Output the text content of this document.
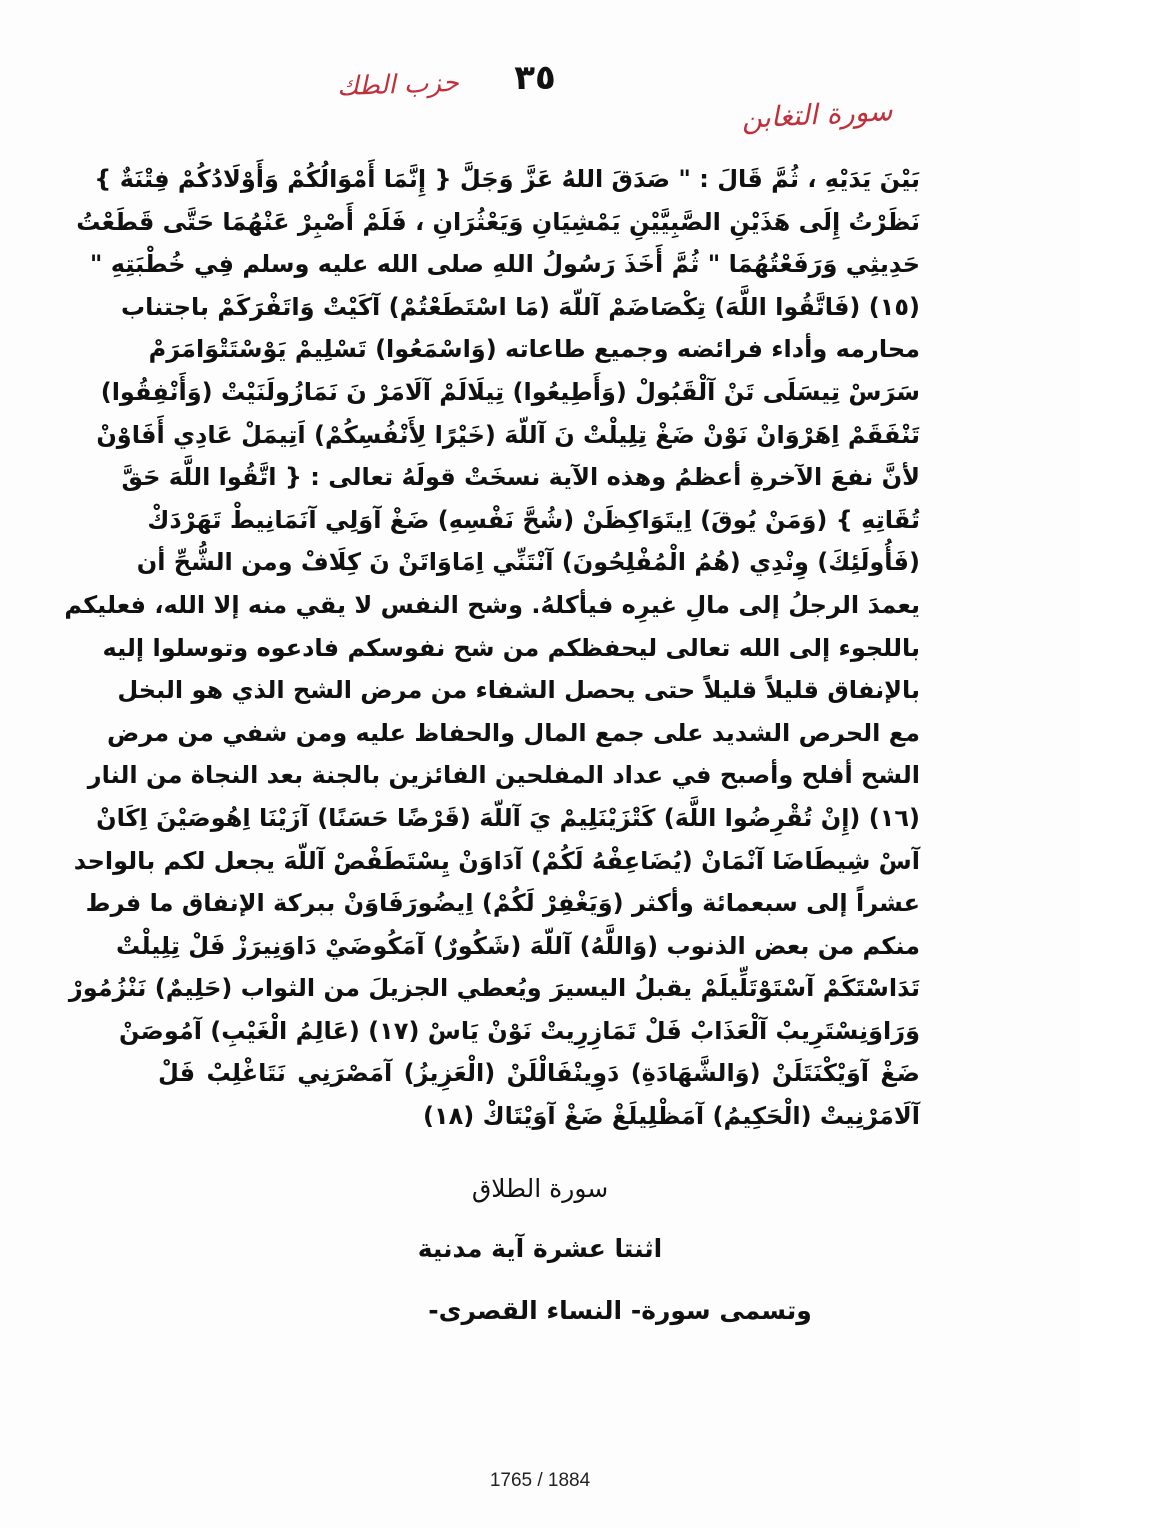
٣٥
حزب الطك
سورة التغابن
بَيْنَ يَدَيْهِ ، ثُمَّ قَالَ : " صَدَقَ اللهُ عَزَّ وَجَلَّ { إِنَّمَا أَمْوَالُكُمْ وَأَوْلَادُكُمْ فِتْنَةٌ }
نَظَرْتُ إِلَى هَذَيْنِ الصَّبِيَّيْنِ يَمْشِيَانِ وَيَعْثُرَانِ ، فَلَمْ أَصْبِرْ عَنْهُمَا حَتَّى قَطَعْتُ
حَدِيثِي وَرَفَعْتُهُمَا " ثُمَّ أَخَذَ رَسُولُ اللهِ صلى الله عليه وسلم فِي خُطْبَتِهِ "
(١٥) (فَاتَّقُوا اللَّهَ) تِكْصَاضَمْ آللّهَ (مَا اسْتَطَعْتُمْ) آكَيْتْ وَاتَفْرَكَمْ باجتناب
محارمه وأداء فرائضه وجميع طاعاته (وَاسْمَعُوا) تَسْلِيمْ يَوْسْتَتْوَامَرَمْ
سَرَسْ تِيسَلَى تَنْ آلْقَبُولْ (وَأَطِيعُوا) تِيلَالَمْ آلَامَرْ نَ نَمَازُولَنَيْتْ (وَأَنْفِقُوا)
تَنْفَقَمْ اِهَرْوَانْ نَوْنْ ضَغْ تِلِيلْتْ نَ آللّهَ (خَيْرًا لِأَنْفُسِكُمْ) اَتِيمَلْ عَادِي أَفَاوْنْ
لأنَّ نفعَ الآخرةِ أعظمُ وهذه الآية نسخَتْ قولَهُ تعالى : { اتَّقُوا اللَّهَ حَقَّ
تُقَاتِهِ } (وَمَنْ يُوقَ) اِيتَوَاكِظَنْ (شُحَّ نَفْسِهِ) ضَغْ آوَلِي آنَمَانِيطْ تَهَرْدَكْ
(فَأُولَئِكَ) وِنْدِي (هُمُ الْمُفْلِحُونَ) آنْتَنِّي اِمَاوَاتَنْ نَ كِلَافْ ومن الشُّحِّ أن
يعمدَ الرجلُ إلى مالِ غيرِه فيأكلهُ. وشح النفس لا يقي منه إلا الله، فعليكم
باللجوء إلى الله تعالى ليحفظكم من شح نفوسكم فادعوه وتوسلوا إليه
بالإنفاق قليلاً قليلاً حتى يحصل الشفاء من مرض الشح الذي هو البخل
مع الحرص الشديد على جمع المال والحفاظ عليه ومن شفي من مرض
الشح أفلح وأصبح في عداد المفلحين الفائزين بالجنة بعد النجاة من النار
(١٦) (إِنْ تُقْرِضُوا اللَّهَ) كَتْزَيْنَلِيمْ يَ آللّهَ (قَرْضًا حَسَنًا) آزَيْنَا اِهُوصَيْنَ اِكَانْ
آسْ شِيطَاضَا آنْمَانْ (يُضَاعِفْهُ لَكُمْ) آدَاوَنْ يِسْتَطَفْصْ آللّهَ يجعل لكم بالواحد
عشراً إلى سبعمائة وأكثر (وَيَغْفِرْ لَكُمْ) اِيضُورَفَاوَنْ ببركة الإنفاق ما فرط
منكم من بعض الذنوب (وَاللَّهُ) آللّهَ (شَكُورٌ) آمَكُوضَيْ دَاوَنِيرَزْ فَلْ تِلِيلْتْ
تَدَاسْتَكَمْ آسْتَوْتَلِّيلَمْ يقبلُ اليسيرَ ويُعطي الجزيلَ من الثواب (حَلِيمٌ) نَنْزُمُورْ
وَرَاوَنِسْتَرِيبْ آلْعَذَابْ فَلْ تَمَازِرِيتْ نَوْنْ يَاسْ (١٧) (عَالِمُ الْغَيْبِ) آمُوصَنْ
ضَغْ آوَيْكْنَتَلَنْ (وَالشَّهَادَةِ) دَوِينْفَالْلَنْ (الْعَزِيزُ) آمَصْرَنِي نَتَاغْلِبْ فَلْ
آلَامَرْنِيتْ (الْحَكِيمُ) آمَظْلِيلَغْ ضَغْ آوَيْتَاكْ (١٨)
سورة الطلاق
اثنتا عشرة آية مدنية
وتسمى سورة- النساء القصرى-
1765 / 1884
